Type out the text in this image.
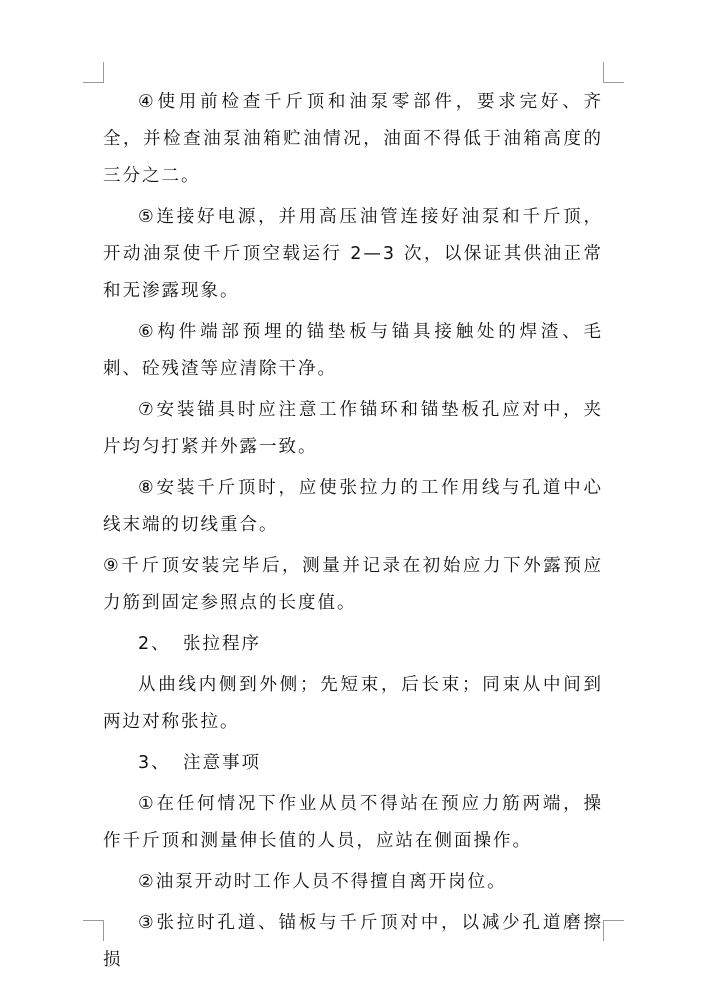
④使用前检查千斤顶和油泵零部件，要求完好、齐全，并检查油泵油箱贮油情况，油面不得低于油箱高度的三分之二。

⑤连接好电源，并用高压油管连接好油泵和千斤顶，开动油泵使千斤顶空载运行 2—3 次，以保证其供油正常和无渗露现象。

⑥构件端部预埋的锚垫板与锚具接触处的焊渣、毛刺、砼残渣等应清除干净。

⑦安装锚具时应注意工作锚环和锚垫板孔应对中，夹片均匀打紧并外露一致。

⑧安装千斤顶时，应使张拉力的工作用线与孔道中心线末端的切线重合。

⑨千斤顶安装完毕后，测量并记录在初始应力下外露预应力筋到固定参照点的长度值。

2、 张拉程序

从曲线内侧到外侧；先短束，后长束；同束从中间到两边对称张拉。

3、 注意事项

①在任何情况下作业从员不得站在预应力筋两端，操作千斤顶和测量伸长值的人员，应站在侧面操作。

②油泵开动时工作人员不得擅自离开岗位。

③张拉时孔道、锚板与千斤顶对中，以减少孔道磨擦损
